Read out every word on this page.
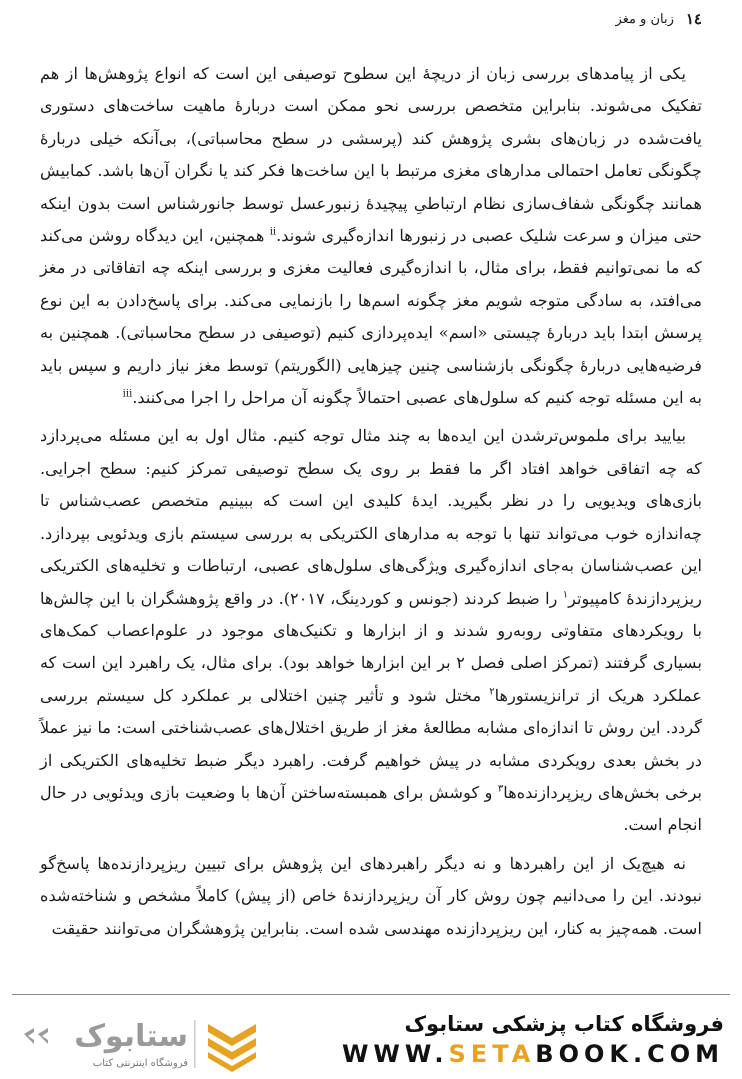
١٤
زبان و مغز

یکی از پیامدهای بررسی زبان از دریچهٔ این سطوح توصیفی این است که انواع پژوهش‌ها از هم تفکیک می‌شوند. بنابراین متخصص بررسی نحو ممکن است دربارهٔ ماهیت ساخت‌های دستوری یافت‌شده در زبان‌های بشری پژوهش کند (پرسشی در سطح محاسباتی)، بی‌آنکه خیلی دربارهٔ چگونگی تعامل احتمالی مدارهای مغزی مرتبط با این ساخت‌ها فکر کند یا نگران آن‌ها باشد. کما‌بیش همانند چگونگی شفاف‌سازی نظام ارتباطیِ پیچیدهٔ زنبورعسل توسط جانورشناس است بدون اینکه حتی میزان و سرعت شلیک عصبی در زنبورها اندازه‌گیری شوند.$^{ii}$ همچنین، این دیدگاه روشن می‌کند که ما نمی‌توانیم فقط، برای مثال، با اندازه‌گیری فعالیت مغزی و بررسی اینکه چه اتفاقاتی در مغز می‌افتد، به سادگی متوجه شویم مغز چگونه اسم‌ها را بازنمایی می‌کند. برای پاسخ‌دادن به این نوع پرسش ابتدا باید دربارهٔ چیستی «اسم» ایده‌پردازی کنیم (توصیفی در سطح محاسباتی). همچنین به فرضیه‌هایی دربارهٔ چگونگی بازشناسی چنین چیزهایی (الگوریتم) توسط مغز نیاز داریم و سپس باید به این مسئله توجه کنیم که سلول‌های عصبی احتمالاً چگونه آن مراحل را اجرا می‌کنند.$^{iii}$

بیایید برای ملموس‌ترشدن این ایده‌ها به چند مثال توجه کنیم. مثال اول به این مسئله می‌پردازد که چه اتفاقی خواهد افتاد اگر ما فقط بر روی یک سطح توصیفی تمرکز کنیم: سطح اجرایی. بازی‌های ویدیویی را در نظر بگیرید. ایدهٔ کلیدی این است که ببینیم متخصص عصب‌شناس تا چه‌اندازه خوب می‌تواند تنها با توجه به مدارهای الکتریکی به بررسی سیستم بازی ویدئویی بپردازد. این عصب‌شناسان به‌جای اندازه‌گیری ویژگی‌های سلول‌های عصبی، ارتباطات و تخلیه‌های الکتریکی ریزپردازندهٔ کامپیوتر$^١$ را ضبط کردند (جونس و کوردینگ، ٢٠١٧). در واقع پژوهشگران با این چالش‌ها با رویکردهای متفاوتی روبه‌رو شدند و از ابزارها و تکنیک‌های موجود در علوم‌اعصاب کمک‌های بسیاری گرفتند (تمرکز اصلی فصل ٢ بر این ابزارها خواهد بود). برای مثال، یک راهبرد این است که عملکرد هریک از ترانزیستورها$^٢$ مختل شود و تأثیر چنین اختلالی بر عملکرد کل سیستم بررسی گردد. این روش تا اندازه‌ای مشابه مطالعهٔ مغز از طریق اختلال‌های عصب‌شناختی است: ما نیز عملاً در بخش بعدی رویکردی مشابه در پیش خواهیم گرفت. راهبرد دیگر ضبط تخلیه‌های الکتریکی از برخی بخش‌های ریزپردازنده‌ها$^٣$ و کوشش برای همبسته‌ساختن آن‌ها با وضعیت بازی ویدئویی در حال انجام است.

نه هیچ‌یک از این راهبردها و نه دیگر راهبردهای این پژوهش برای تبیین ریزپردازنده‌ها پاسخ‌گو نبودند. این را می‌دانیم چون روش کار آن ریزپردازندهٔ خاص (از پیش) کاملاً مشخص و شناخته‌شده است. همه‌چیز به کنار، این ریزپردازنده مهندسی شده است. بنابراین پژوهشگران می‌توانند حقیقت

ستابوک
فروشگاه اینترنتی کتاب
فروشگاه کتاب پزشکی ستابوک
WWW.SETABOOK.COM
